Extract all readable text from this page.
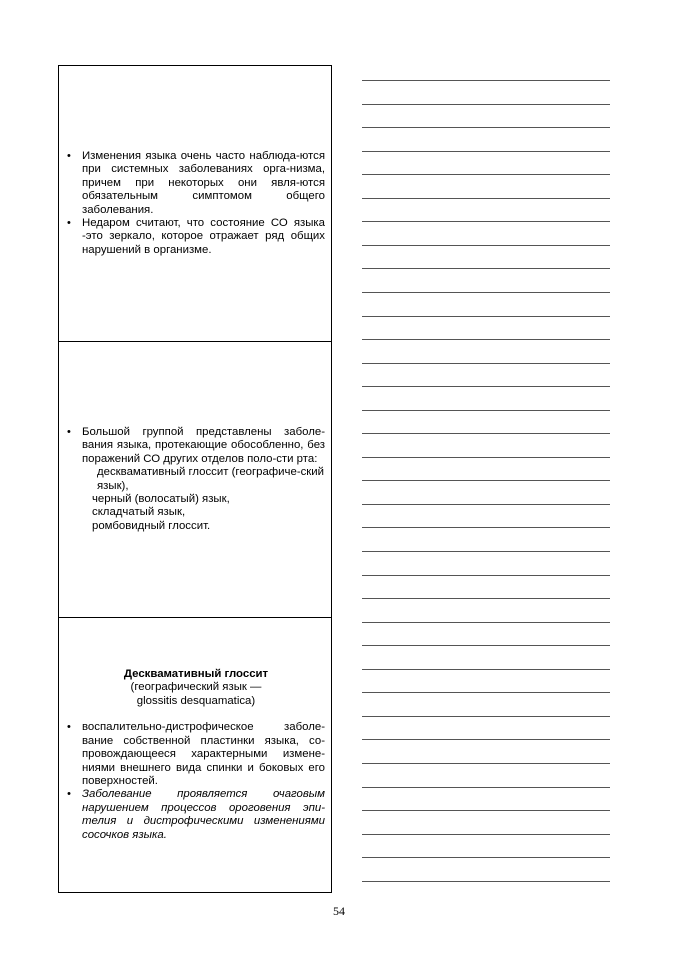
• Изменения языка очень часто наблюда-ются при системных заболеваниях орга-низма, причем при некоторых они явля-ются обязательным симптомом общего заболевания.
• Недаром считают, что состояние СО языка -это зеркало, которое отражает ряд общих нарушений в организме.
• Большой группой представлены заболе-вания языка, протекающие обособленно, без поражений СО других отделов поло-сти рта:
десквамативный глоссит (географиче-ский язык),
черный (волосатый) язык,
складчатый язык,
ромбовидный глоссит.
Десквамативный глоссит
(географический язык —
glossitis desquamatica)
• воспалительно-дистрофическое заболе-вание собственной пластинки языка, со-провождающееся характерными измене-ниями внешнего вида спинки и боковых его поверхностей.
• Заболевание проявляется очаговым нарушением процессов ороговения эпи-телия и дистрофическими изменениями сосочков языка.
54
